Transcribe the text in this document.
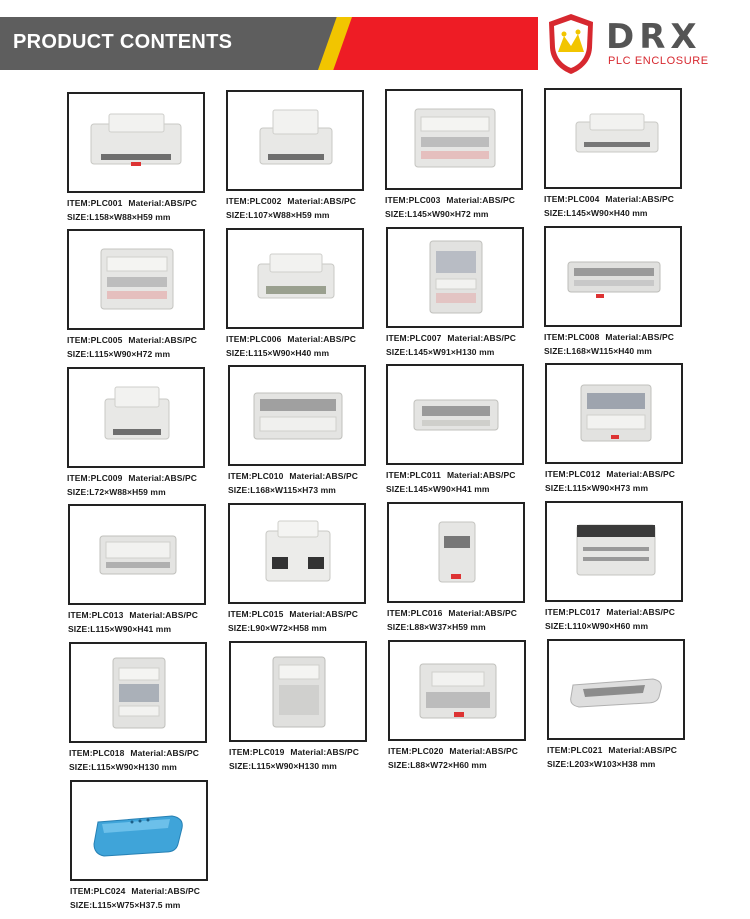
PRODUCT CONTENTS	DRX
PLC ENCLOSURE
ITEM:PLC001 Material:ABS/PC
SIZE:L158×W88×H59 mm
ITEM:PLC002 Material:ABS/PC
SIZE:L107×W88×H59 mm
ITEM:PLC003 Material:ABS/PC
SIZE:L145×W90×H72 mm
ITEM:PLC004 Material:ABS/PC
SIZE:L145×W90×H40 mm
ITEM:PLC005 Material:ABS/PC
SIZE:L115×W90×H72 mm
ITEM:PLC006 Material:ABS/PC
SIZE:L115×W90×H40 mm
ITEM:PLC007 Material:ABS/PC
SIZE:L145×W91×H130 mm
ITEM:PLC008 Material:ABS/PC
SIZE:L168×W115×H40 mm
ITEM:PLC009 Material:ABS/PC
SIZE:L72×W88×H59 mm
ITEM:PLC010 Material:ABS/PC
SIZE:L168×W115×H73 mm
ITEM:PLC011 Material:ABS/PC
SIZE:L145×W90×H41 mm
ITEM:PLC012 Material:ABS/PC
SIZE:L115×W90×H73 mm
ITEM:PLC013 Material:ABS/PC
SIZE:L115×W90×H41 mm
ITEM:PLC015 Material:ABS/PC
SIZE:L90×W72×H58 mm
ITEM:PLC016 Material:ABS/PC
SIZE:L88×W37×H59 mm
ITEM:PLC017 Material:ABS/PC
SIZE:L110×W90×H60 mm
ITEM:PLC018 Material:ABS/PC
SIZE:L115×W90×H130 mm
ITEM:PLC019 Material:ABS/PC
SIZE:L115×W90×H130 mm
ITEM:PLC020 Material:ABS/PC
SIZE:L88×W72×H60 mm
ITEM:PLC021 Material:ABS/PC
SIZE:L203×W103×H38 mm
ITEM:PLC024 Material:ABS/PC
SIZE:L115×W75×H37.5 mm
